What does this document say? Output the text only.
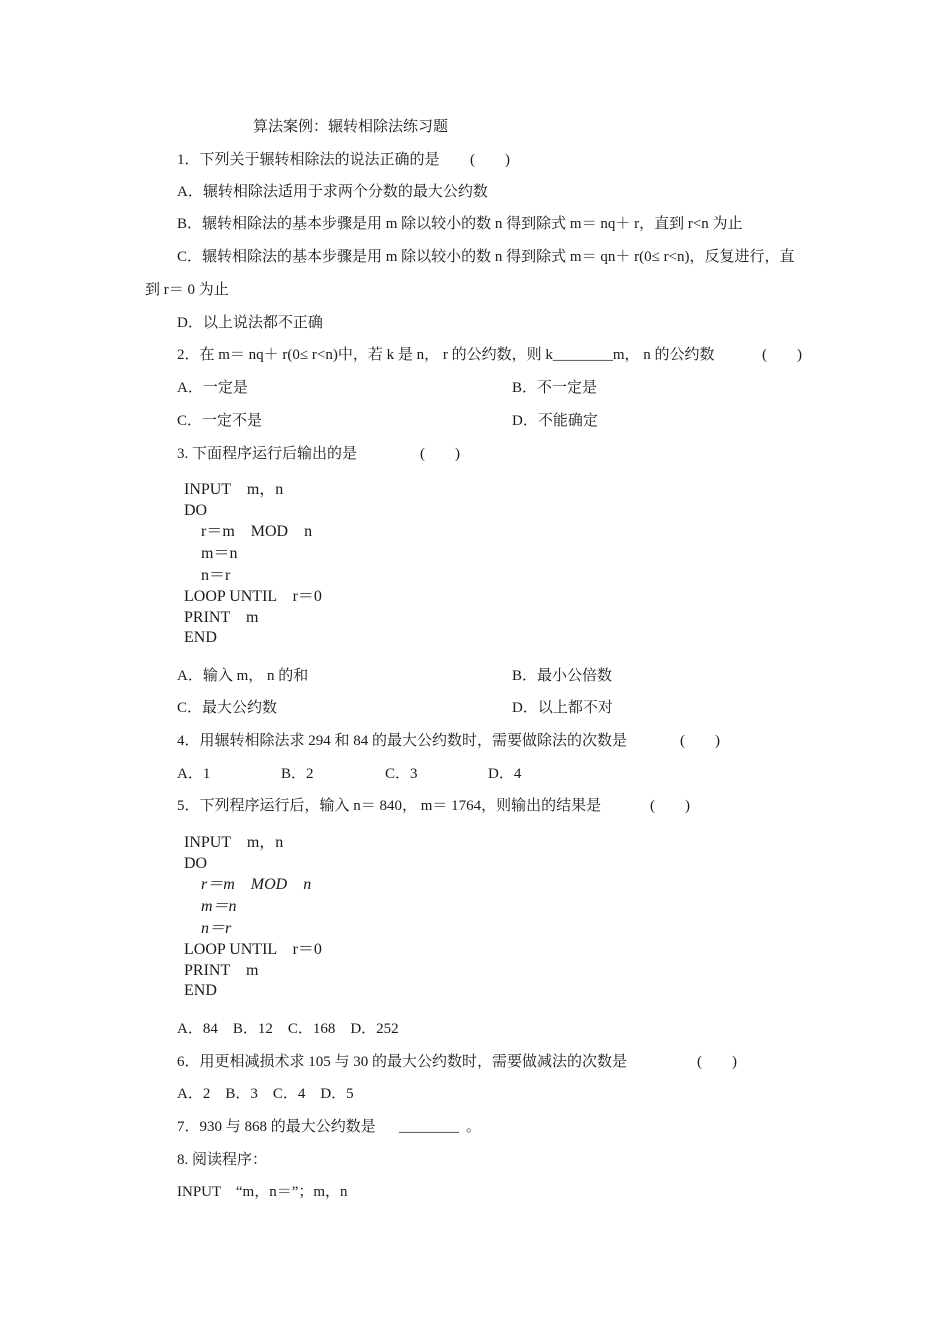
算法案例：辗转相除法练习题
1．下列关于辗转相除法的说法正确的是 (　　)
A．辗转相除法适用于求两个分数的最大公约数
B．辗转相除法的基本步骤是用 m 除以较小的数 n 得到除式 m＝ nq＋ r，直到 r<n 为止
C．辗转相除法的基本步骤是用 m 除以较小的数 n 得到除式 m＝ qn＋ r(0≤ r<n)，反复进行，直
到 r＝ 0 为止
D．以上说法都不正确
2．在 m＝ nq＋ r(0≤ r<n)中，若 k 是 n， r 的公约数，则 k________m， n 的公约数	(　　)
A．一定是	B．不一定是
C．一定不是	D．不能确定
3. 下面程序运行后输出的是	(　　)
INPUT　m，n
DO
r＝m　MOD　n
m＝n
n＝r
LOOP UNTIL　r＝0
PRINT　m
END
A．输入 m， n 的和	B．最小公倍数
C．最大公约数	D．以上都不对
4．用辗转相除法求 294 和 84 的最大公约数时，需要做除法的次数是	(　　)
A．1	B．2	C．3	D．4
5．下列程序运行后，输入 n＝ 840， m＝ 1764，则输出的结果是	(　　)
INPUT　m，n
DO
r＝m　MOD　n
m＝n
n＝r
LOOP UNTIL　r＝0
PRINT　m
END
A．84　B．12　C．168　D．252
6．用更相减损术求 105 与 30 的最大公约数时，需要做减法的次数是	(　　)
A．2　B．3　C．4　D．5
7．930 与 868 的最大公约数是 ________ 。
8. 阅读程序：
INPUT　“m，n＝”；m，n
